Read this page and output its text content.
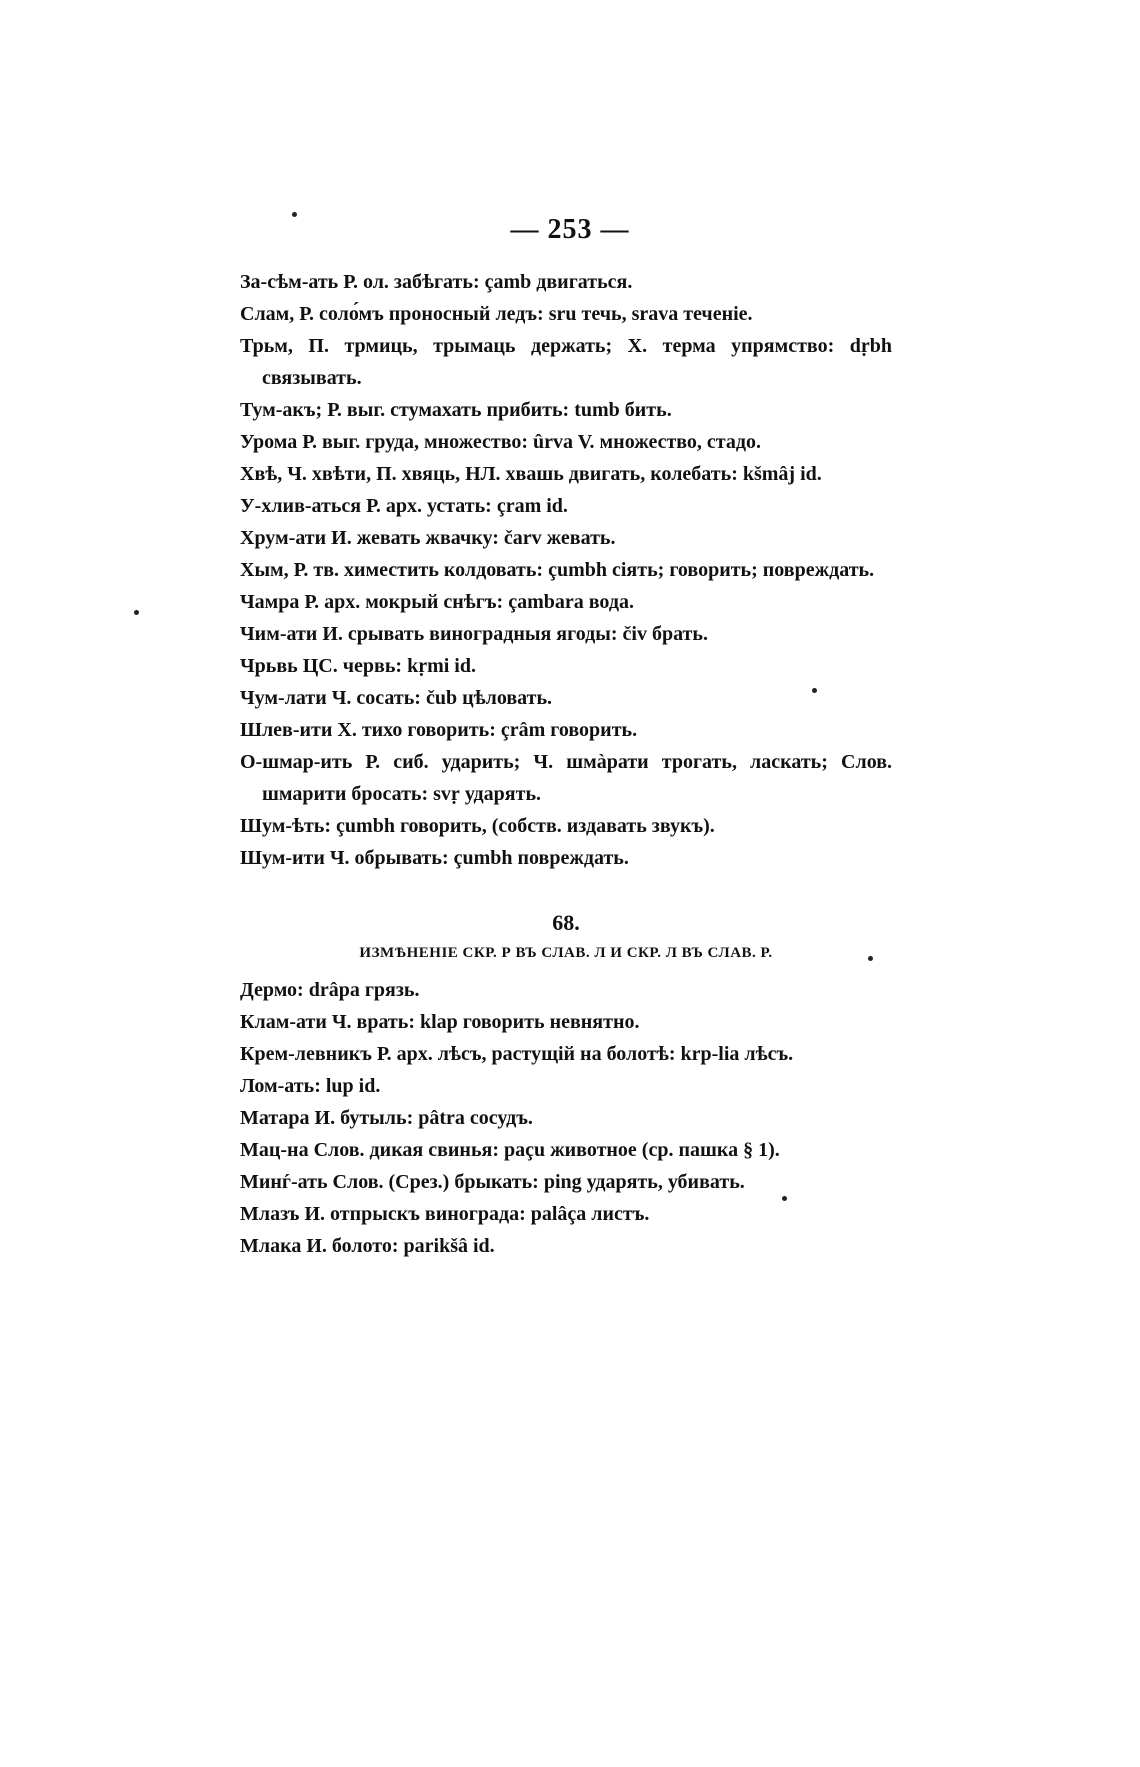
— 253 —

За-сѣм-ать Р. ол. забѣгать: çamb двигаться.

Слам, Р. соло́мъ проносный ледъ: sru течь, srava теченіе.

Трьм, П. трмиць, трымаць держать; Х. терма упрямство: dṛbh связывать.

Тум-акъ; Р. выг. стумахать прибить: tumb бить.

Урома Р. выг. груда, множество: ûrva V. множество, стадо.

Хвѣ, Ч. хвѣти, П. хвяць, НЛ. хвашь двигать, колебать: kšmâj id.

У-хлив-аться Р. арх. устать: çram id.

Хрум-ати И. жевать жвачку: čarv жевать.

Хым, Р. тв. химестить колдовать: çumbh сіять; говорить; повреждать.

Чамра Р. арх. мокрый снѣгъ: çambara вода.

Чим-ати И. срывать виноградныя ягоды: čiv брать.

Чрьвь ЦС. червь: kṛmi id.

Чум-лати Ч. сосать: čub цѣловать.

Шлев-ити Х. тихо говорить: çrâm говорить.

О-шмар-ить Р. сиб. ударить; Ч. шмàрати трогать, ласкать; Слов. шмарити бросать: svṛ ударять.

Шум-ѣть: çumbh говорить, (собств. издавать звукъ).

Шум-ити Ч. обрывать: çumbh повреждать.

68.
ИЗМѢНЕНІЕ СКР. Р ВЪ СЛАВ. Л И СКР. Л ВЪ СЛАВ. Р.

Дермо: drâpa грязь.

Клам-ати Ч. врать: klap говорить невнятно.

Крем-левникъ Р. арх. лѣсъ, растущій на болотѣ: krp-lia лѣсъ.

Лом-ать: lup id.

Матара И. бутыль: pâtra сосудъ.

Мац-на Слов. дикая свинья: paçu животное (ср. пашка § 1).

Минѓ-ать Слов. (Срез.) брыкать: ping ударять, убивать.

Млазъ И. отпрыскъ винограда: palâça листъ.

Млака И. болото: parikšâ id.
